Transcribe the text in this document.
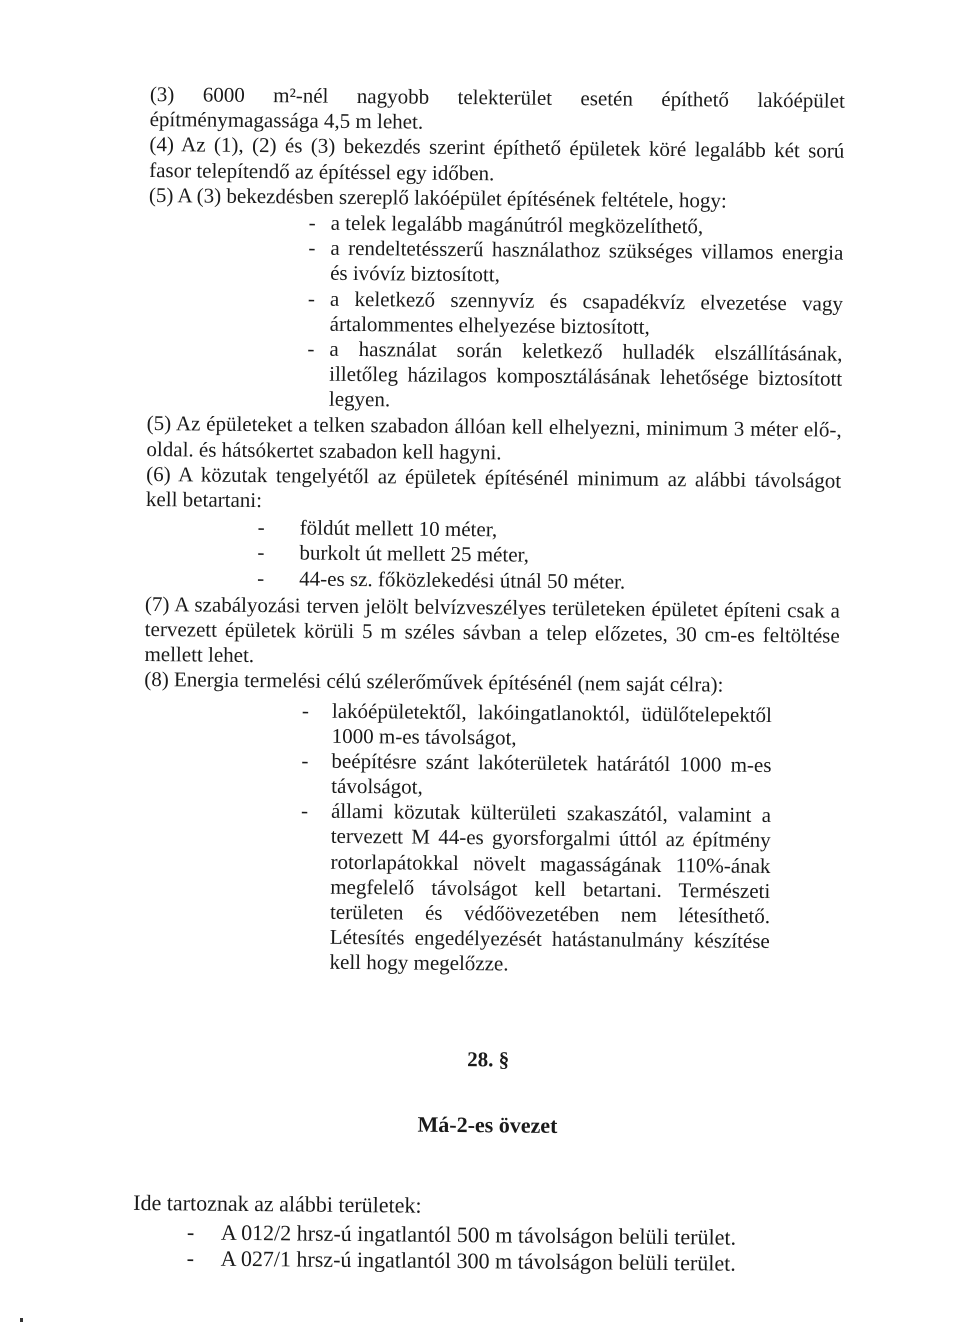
(3) 6000 m²-nél nagyobb telekterület esetén építhető lakóépület építménymagassága 4,5 m lehet.

(4) Az (1), (2) és (3) bekezdés szerint építhető épületek köré legalább két sorú fasor telepítendő az építéssel egy időben.

(5) A (3) bekezdésben szereplő lakóépület építésének feltétele, hogy:

- a telek legalább magánútról megközelíthető,
- a rendeltetésszerű használathoz szükséges villamos energia és ivóvíz biztosított,
- a keletkező szennyvíz és csapadékvíz elvezetése vagy ártalommentes elhelyezése biztosított,
- a használat során keletkező hulladék elszállításának, illetőleg házilagos komposztálásának lehetősége biztosított legyen.

(5) Az épületeket a telken szabadon állóan kell elhelyezni, minimum 3 méter elő-, oldal. és hátsókertet szabadon kell hagyni.

(6) A közutak tengelyétől az épületek építésénél minimum az alábbi távolságot kell betartani:

- földút mellett 10 méter,
- burkolt út mellett 25 méter,
- 44-es sz. főközlekedési útnál 50 méter.

(7) A szabályozási terven jelölt belvízveszélyes területeken épületet építeni csak a tervezett épületek körüli 5 m széles sávban a telep előzetes, 30 cm-es feltöltése mellett lehet.

(8) Energia termelési célú szélerőművek építésénél (nem saját célra):

- lakóépületektől, lakóingatlanoktól, üdülőtelepektől 1000 m-es távolságot,
- beépítésre szánt lakóterületek határától 1000 m-es távolságot,
- állami közutak külterületi szakaszától, valamint a tervezett M 44-es gyorsforgalmi úttól az építmény rotorlapátokkal növelt magasságának 110%-ának megfelelő távolságot kell betartani. Természeti területen és védőövezetében nem létesíthető. Létesítés engedélyezését hatástanulmány készítése kell hogy megelőzze.
28. §
Má-2-es övezet

Ide tartoznak az alábbi területek:

- A 012/2 hrsz-ú ingatlantól 500 m távolságon belüli terület.
- A 027/1 hrsz-ú ingatlantól 300 m távolságon belüli terület.
